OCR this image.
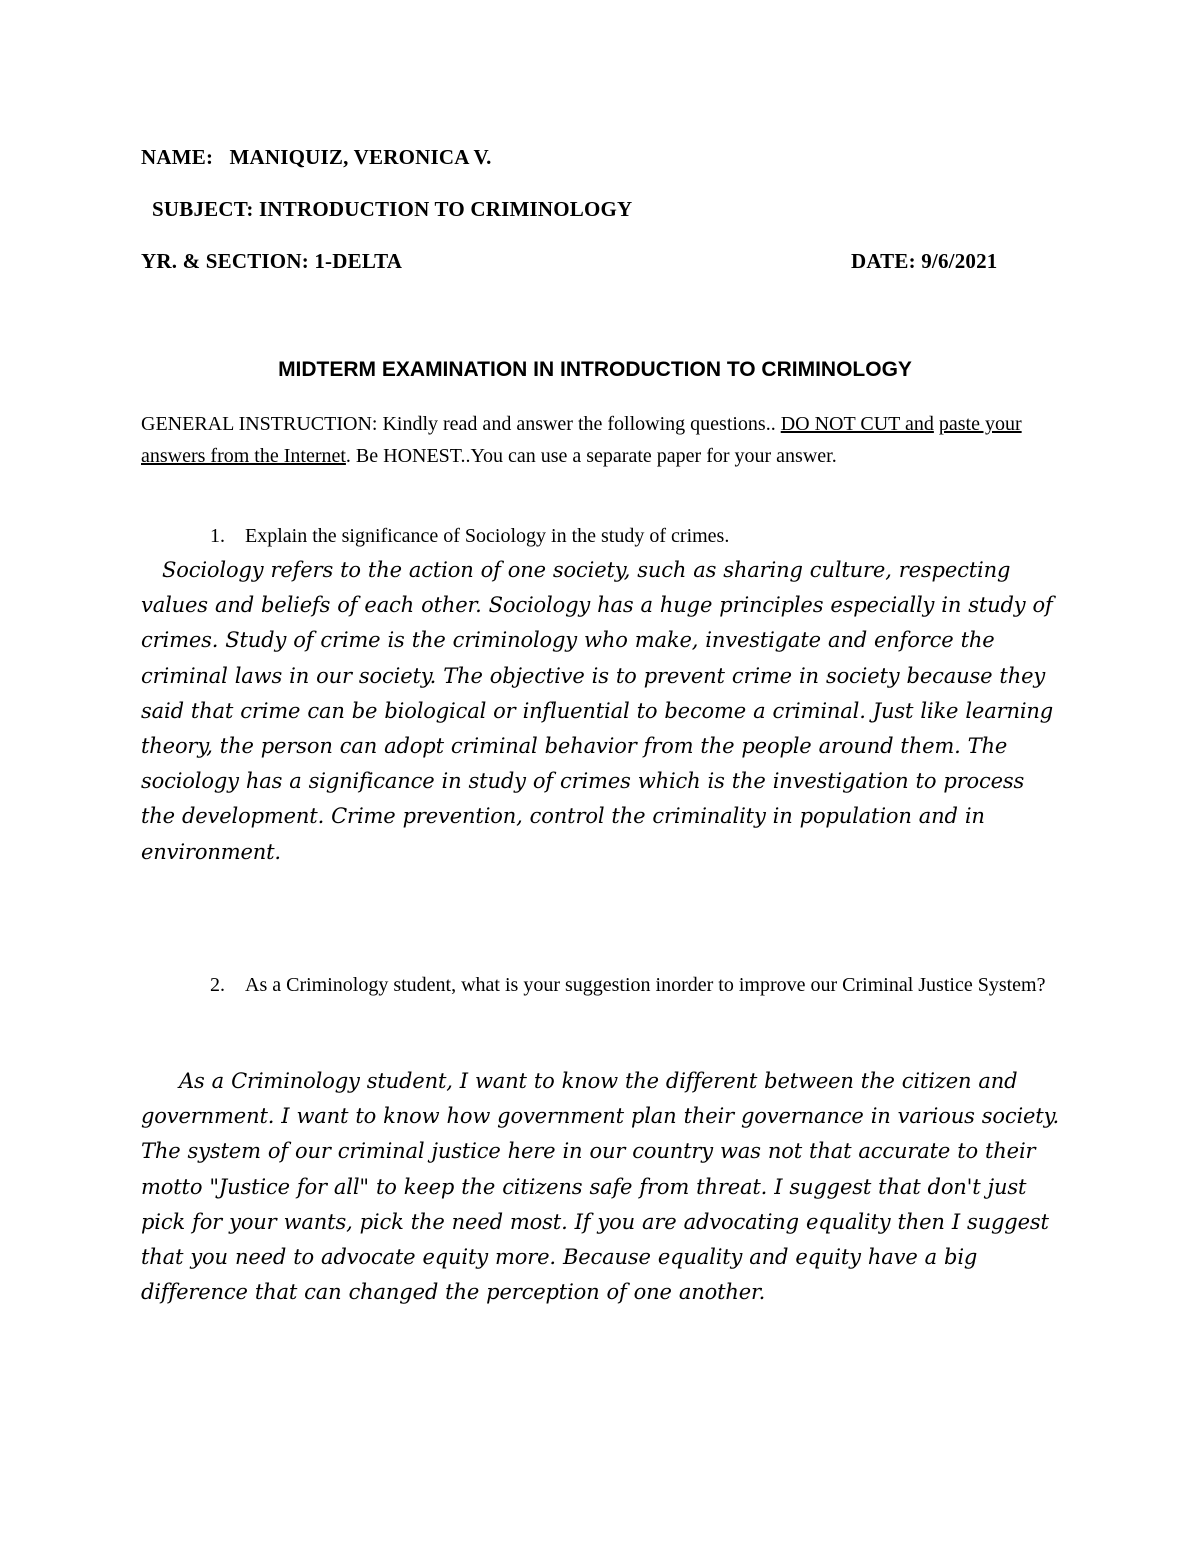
NAME: MANIQUIZ, VERONICA V.
SUBJECT: INTRODUCTION TO CRIMINOLOGY
YR. & SECTION: 1-DELTA	DATE: 9/6/2021
MIDTERM EXAMINATION IN INTRODUCTION TO CRIMINOLOGY
GENERAL INSTRUCTION: Kindly read and answer the following questions.. DO NOT CUT and paste your answers from the Internet. Be HONEST..You can use a separate paper for your answer.
1. Explain the significance of Sociology in the study of crimes.
Sociology refers to the action of one society, such as sharing culture, respecting values and beliefs of each other. Sociology has a huge principles especially in study of crimes. Study of crime is the criminology who make, investigate and enforce the criminal laws in our society. The objective is to prevent crime in society because they said that crime can be biological or influential to become a criminal. Just like learning theory, the person can adopt criminal behavior from the people around them. The sociology has a significance in study of crimes which is the investigation to process the development. Crime prevention, control the criminality in population and in environment.
2. As a Criminology student, what is your suggestion inorder to improve our Criminal Justice System?
As a Criminology student, I want to know the different between the citizen and government. I want to know how government plan their governance in various society. The system of our criminal justice here in our country was not that accurate to their motto "Justice for all" to keep the citizens safe from threat. I suggest that don't just pick for your wants, pick the need most. If you are advocating equality then I suggest that you need to advocate equity more. Because equality and equity have a big difference that can changed the perception of one another.
